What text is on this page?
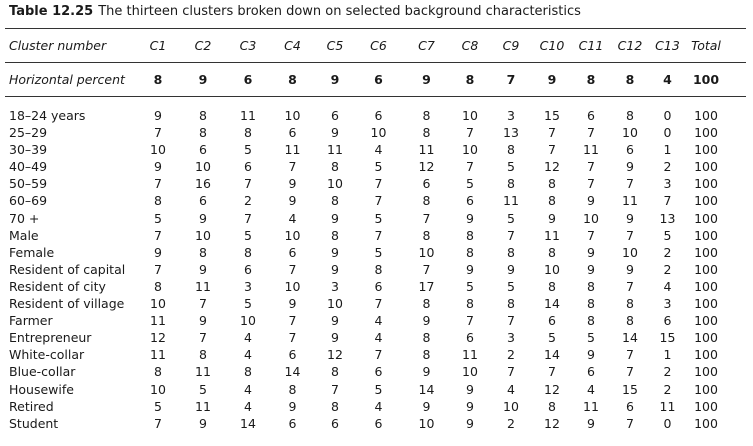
Table 12.25 The thirteen clusters broken down on selected background characteristics
Cluster number	C1	C2	C3	C4	C5	C6	C7	C8	C9	C10	C11	C12	C13	Total
Horizontal percent	8	9	6	8	9	6	9	8	7	9	8	8	4	100
18–24 years	9	8	11	10	6	6	8	10	3	15	6	8	0	100
25–29	7	8	8	6	9	10	8	7	13	7	7	10	0	100
30–39	10	6	5	11	11	4	11	10	8	7	11	6	1	100
40–49	9	10	6	7	8	5	12	7	5	12	7	9	2	100
50–59	7	16	7	9	10	7	6	5	8	8	7	7	3	100
60–69	8	6	2	9	8	7	8	6	11	8	9	11	7	100
70 +	5	9	7	4	9	5	7	9	5	9	10	9	13	100
Male	7	10	5	10	8	7	8	8	7	11	7	7	5	100
Female	9	8	8	6	9	5	10	8	8	8	9	10	2	100
Resident of capital	7	9	6	7	9	8	7	9	9	10	9	9	2	100
Resident of city	8	11	3	10	3	6	17	5	5	8	8	7	4	100
Resident of village	10	7	5	9	10	7	8	8	8	14	8	8	3	100
Farmer	11	9	10	7	9	4	9	7	7	6	8	8	6	100
Entrepreneur	12	7	4	7	9	4	8	6	3	5	5	14	15	100
White-collar	11	8	4	6	12	7	8	11	2	14	9	7	1	100
Blue-collar	8	11	8	14	8	6	9	10	7	7	6	7	2	100
Housewife	10	5	4	8	7	5	14	9	4	12	4	15	2	100
Retired	5	11	4	9	8	4	9	9	10	8	11	6	11	100
Student	7	9	14	6	6	6	10	9	2	12	9	7	0	100
